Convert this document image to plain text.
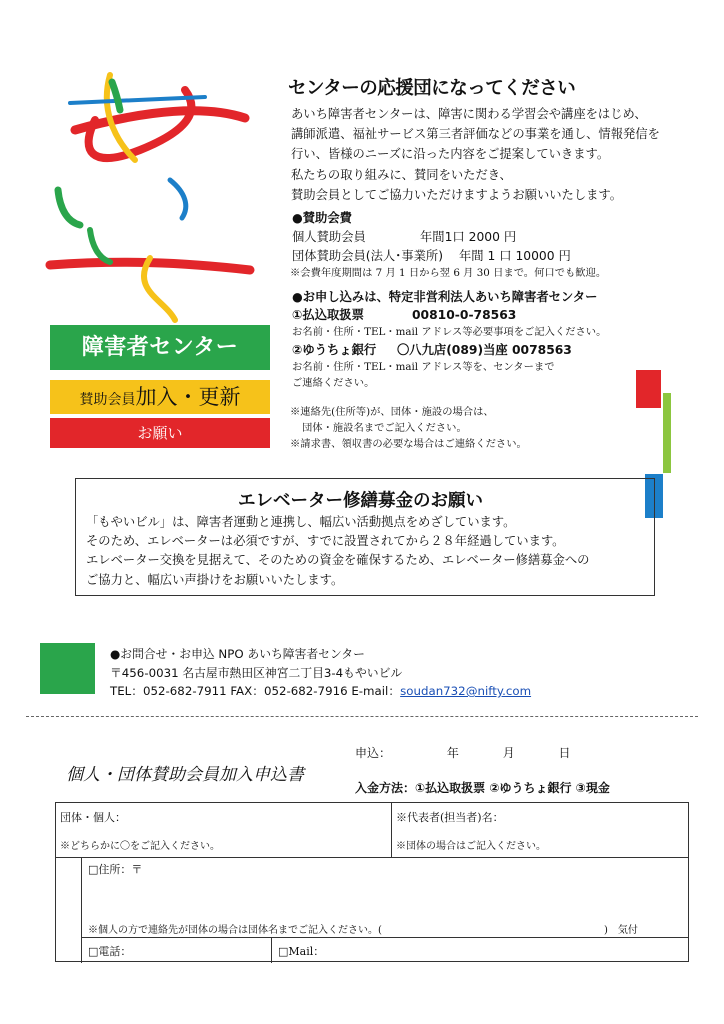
障害者センター
賛助会員加入・更新
お願い
センターの応援団になってください
あいち障害者センターは、障害に関わる学習会や講座をはじめ、
講師派遣、福祉サービス第三者評価などの事業を通し、情報発信を
行い、皆様のニーズに沿った内容をご提案していきます。
私たちの取り組みに、賛同をいただき、
賛助会員としてご協力いただけますようお願いいたします。
●賛助会費
個人賛助会員	年間1口 2000 円
団体賛助会員(法人･事業所) 年間 1 口 10000 円
※会費年度期間は 7 月 1 日から翌 6 月 30 日まで。何口でも歓迎。
●お申し込みは、特定非営利法人あいち障害者センター
①払込取扱票	00810-0-78563
お名前・住所・TEL・mail アドレス等必要事項をご記入ください。
②ゆうちょ銀行 〇八九店(089)当座 0078563
お名前・住所・TEL・mail アドレス等を、センターまで
ご連絡ください。
※連絡先(住所等)が、団体・施設の場合は、
団体・施設名までご記入ください。
※請求書、領収書の必要な場合はご連絡ください。
エレベーター修繕募金のお願い
「もやいビル」は、障害者運動と連携し、幅広い活動拠点をめざしています。
そのため、エレベーターは必須ですが、すでに設置されてから２８年経過しています。
エレベーター交換を見据えて、そのための資金を確保するため、エレベーター修繕募金への
ご協力と、幅広い声掛けをお願いいたします。
●お問合せ・お申込 NPO あいち障害者センター
〒456-0031 名古屋市熱田区神宮二丁目3-4もやいビル
TEL：052-682-7911 FAX：052-682-7916 E-mail：soudan732@nifty.com
個人・団体賛助会員加入申込書
申込：	年	月	日
入金方法：①払込取扱票 ②ゆうちょ銀行 ③現金
団体・個人：
※どちらかに〇をご記入ください。
※代表者(担当者)名：
※団体の場合はご記入ください。
□住所：〒
※個人の方で連絡先が団体の場合は団体名までご記入ください。(	)　気付
□電話：	□Mail：
